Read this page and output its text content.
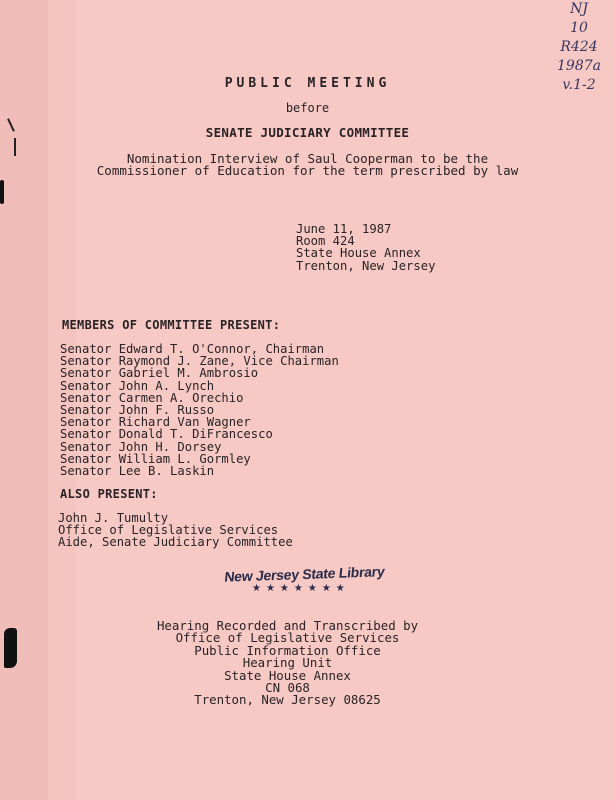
NJ
10
R424
1987a
v.1-2
PUBLIC MEETING
before
SENATE JUDICIARY COMMITTEE
Nomination Interview of Saul Cooperman to be the
Commissioner of Education for the term prescribed by law
June 11, 1987
Room 424
State House Annex
Trenton, New Jersey
MEMBERS OF COMMITTEE PRESENT:
Senator Edward T. O'Connor, Chairman
Senator Raymond J. Zane, Vice Chairman
Senator Gabriel M. Ambrosio
Senator John A. Lynch
Senator Carmen A. Orechio
Senator John F. Russo
Senator Richard Van Wagner
Senator Donald T. DiFrancesco
Senator John H. Dorsey
Senator William L. Gormley
Senator Lee B. Laskin
ALSO PRESENT:
John J. Tumulty
Office of Legislative Services
Aide, Senate Judiciary Committee
New Jersey State Library
★★★★★★★
Hearing Recorded and Transcribed by
Office of Legislative Services
Public Information Office
Hearing Unit
State House Annex
CN 068
Trenton, New Jersey 08625
